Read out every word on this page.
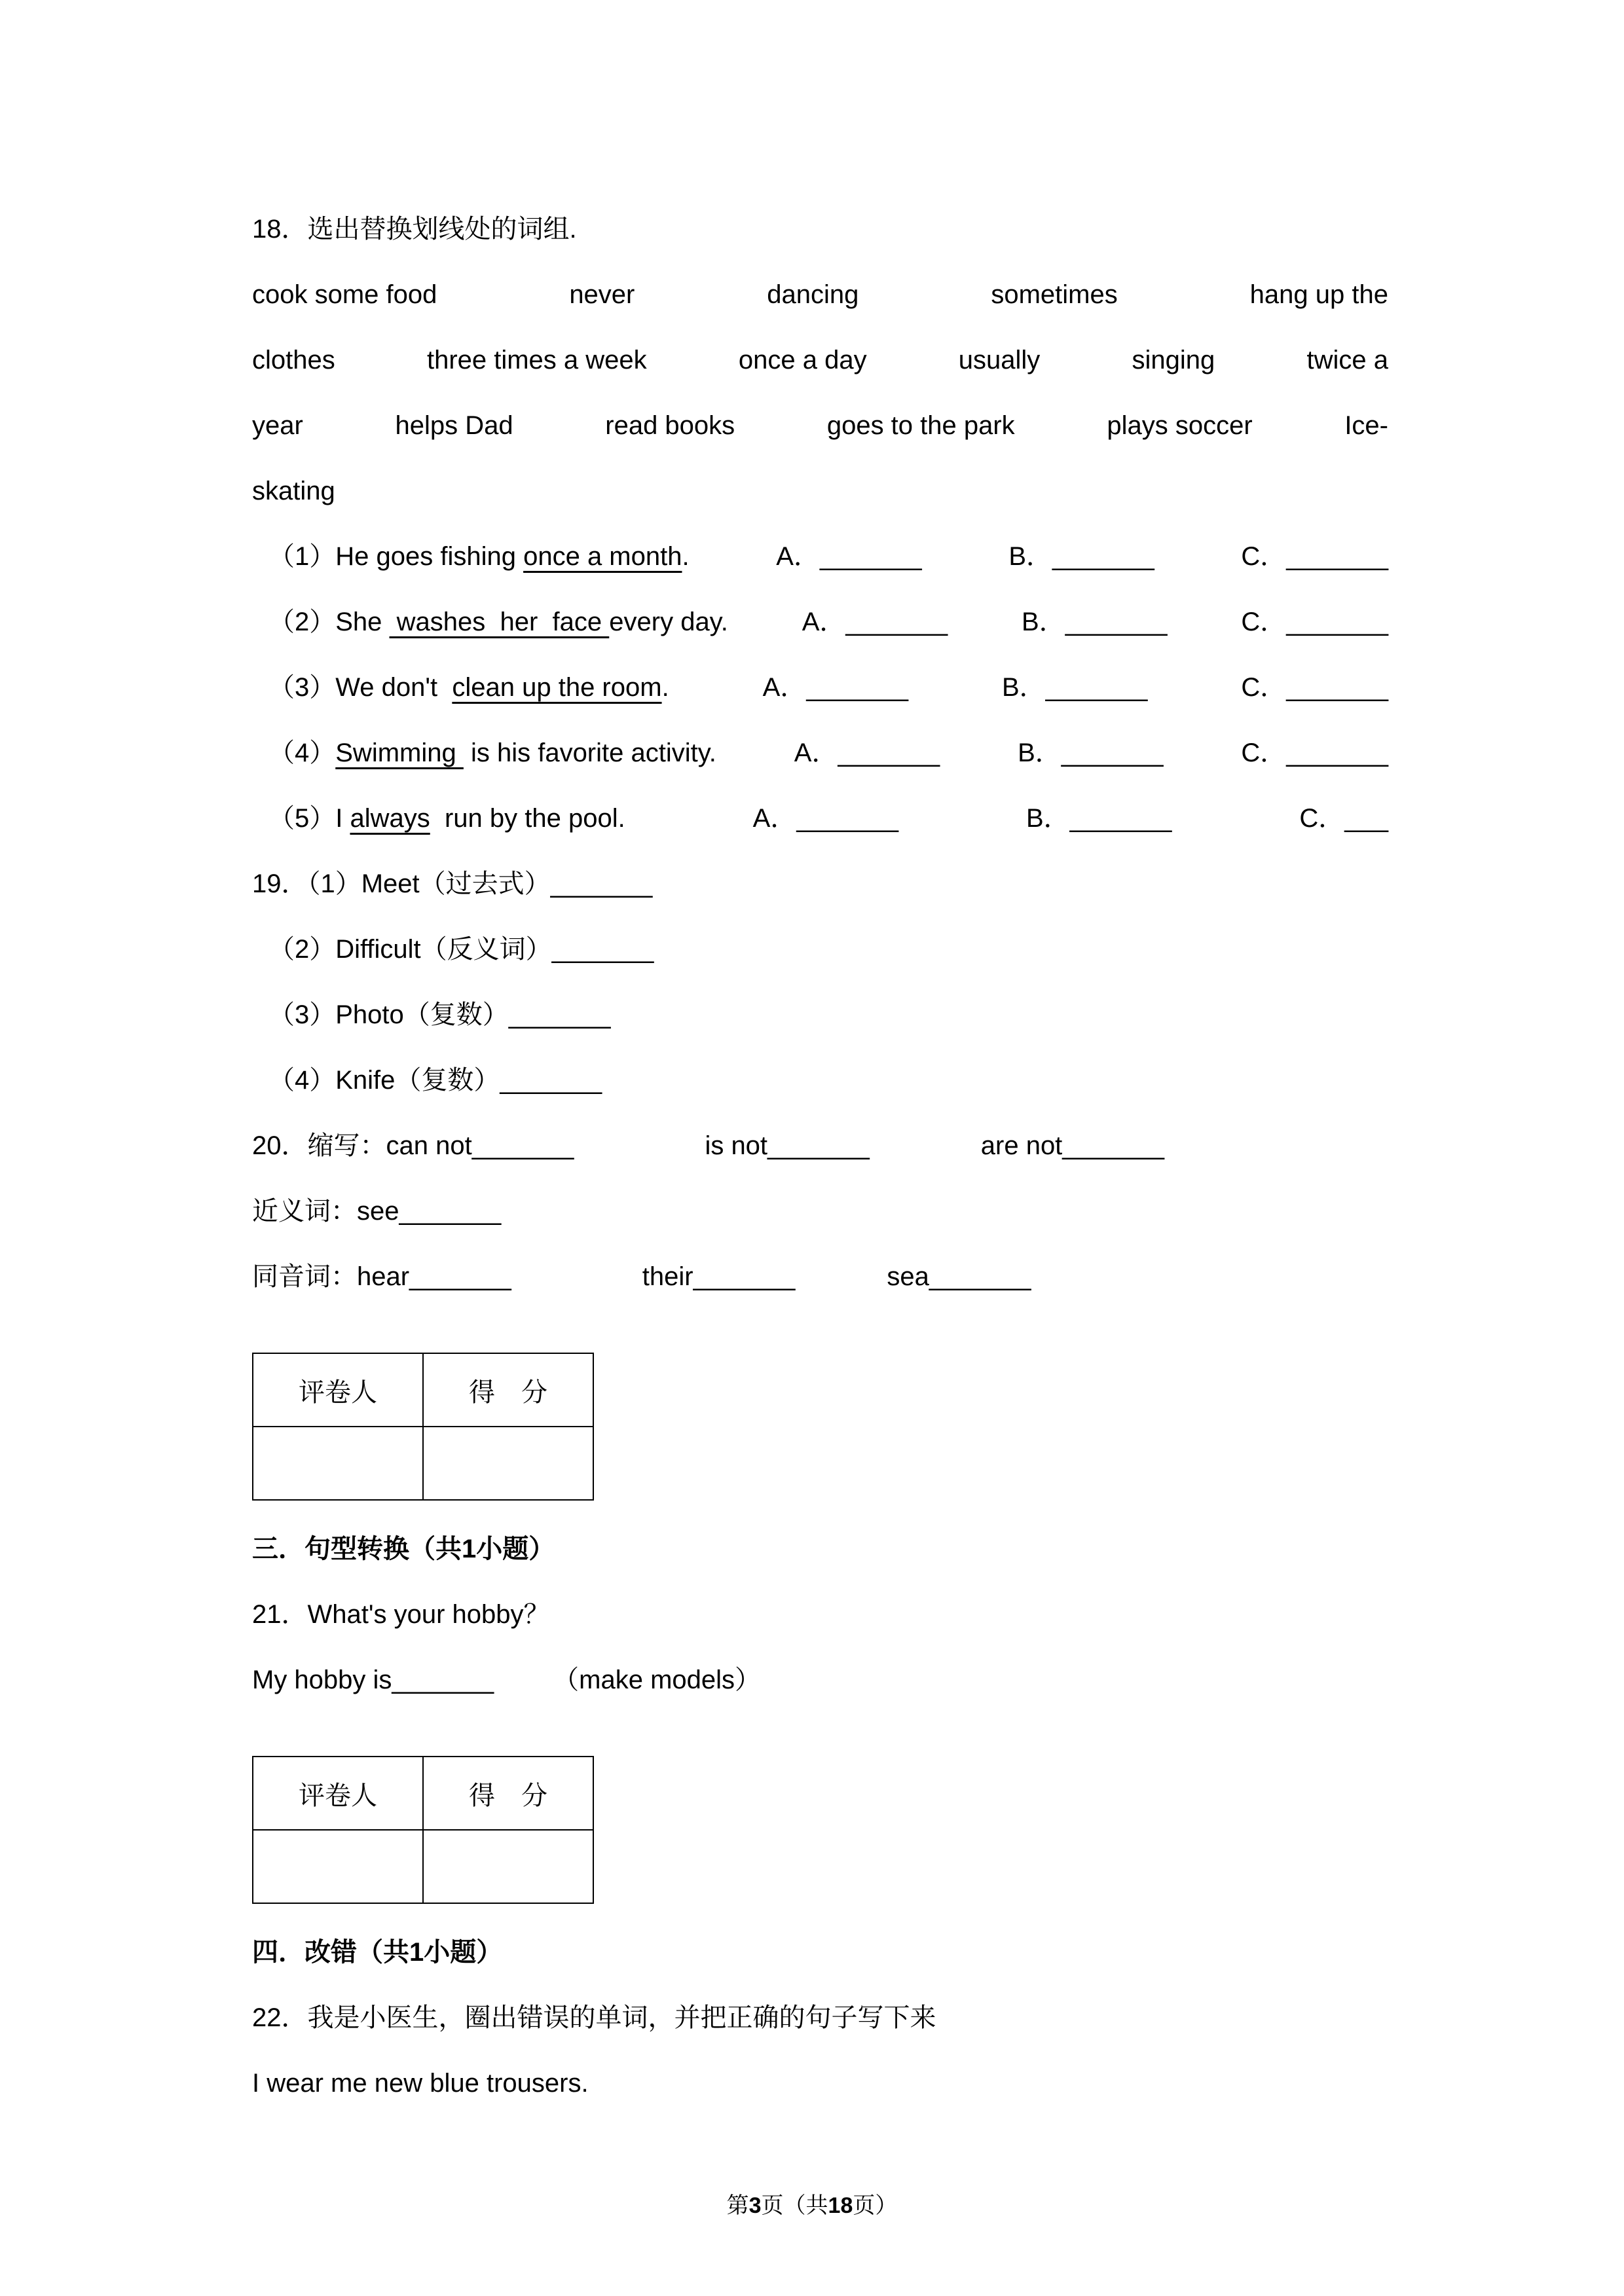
18．选出替换划线处的词组.

cook some food	never	dancing	sometimes	hang up the
clothes	three times a week	once a day	usually	singing	twice a
year	helps Dad	read books	goes to the park	plays soccer	Ice-
skating
（1）He goes fishing once a month.	A．_______	B．_______	C．_______
（2）She  washes  her  face every day.	A．_______	B．_______	C．_______
（3）We don't  clean up the room.	A．_______	B．_______	C．_______
（4）Swimming  is his favorite activity.	A．_______	B．_______	C．_______
（5）I always  run by the pool.	A．_______	B．_______	C．___

19．（1）Meet（过去式）_______

（2）Difficult（反义词）_______

（3）Photo（复数）_______

（4）Knife（复数）_______

20．缩写：can not_______	is not_______	are not_______

近义词：see_______

同音词：hear_______	their_______	sea_______
评卷人	得　分

三．句型转换（共1小题）

21．What's your hobby？

My hobby is_______ （make models）
评卷人	得　分

四．改错（共1小题）

22．我是小医生，圈出错误的单词，并把正确的句子写下来

I wear me new blue trousers.

第3页（共18页）
